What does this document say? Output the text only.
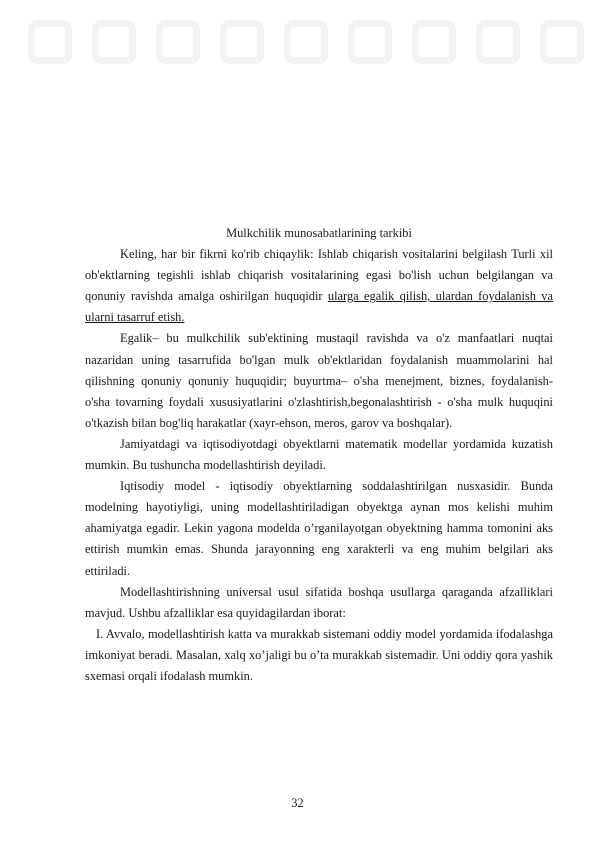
Mulkchilik munosabatlarining tarkibi

Keling, har bir fikrni ko'rib chiqaylik: Ishlab chiqarish vositalarini belgilash Turli xil ob'ektlarning tegishli ishlab chiqarish vositalarining egasi bo'lish uchun belgilangan va qonuniy ravishda amalga oshirilgan huquqidir ularga egalik qilish, ulardan foydalanish va ularni tasarruf etish.

Egalik– bu mulkchilik sub'ektining mustaqil ravishda va o'z manfaatlari nuqtai nazaridan uning tasarrufida bo'lgan mulk ob'ektlaridan foydalanish muammolarini hal qilishning qonuniy qonuniy huquqidir; buyurtma– o'sha menejment, biznes, foydalanish- o'sha tovarning foydali xususiyatlarini o'zlashtirish,begonalashtirish - o'sha mulk huquqini o'tkazish bilan bog'liq harakatlar (xayr-ehson, meros, garov va boshqalar).

Jamiyatdagi va iqtisodiyotdagi obyektlarni matematik modellar yordamida kuzatish mumkin. Bu tushuncha modellashtirish deyiladi.

Iqtisodiy model - iqtisodiy obyektlarning soddalashtirilgan nusxasidir. Bunda modelning hayotiyligi, uning modellashtiriladigan obyektga aynan mos kelishi muhim ahamiyatga egadir. Lekin yagona modelda o’rganilayotgan obyektning hamma tomonini aks ettirish mumkin emas. Shunda jarayonning eng xarakterli va eng muhim belgilari aks ettiriladi.

Modellashtirishning universal usul sifatida boshqa usullarga qaraganda afzalliklari mavjud. Ushbu afzalliklar esa quyidagilardan iborat:

I. Avvalo, modellashtirish katta va murakkab sistemani oddiy model yordamida ifodalashga imkoniyat beradi. Masalan, xalq xo’jaligi bu o’ta murakkab sistemadir. Uni oddiy qora yashik sxemasi orqali ifodalash mumkin.

32
